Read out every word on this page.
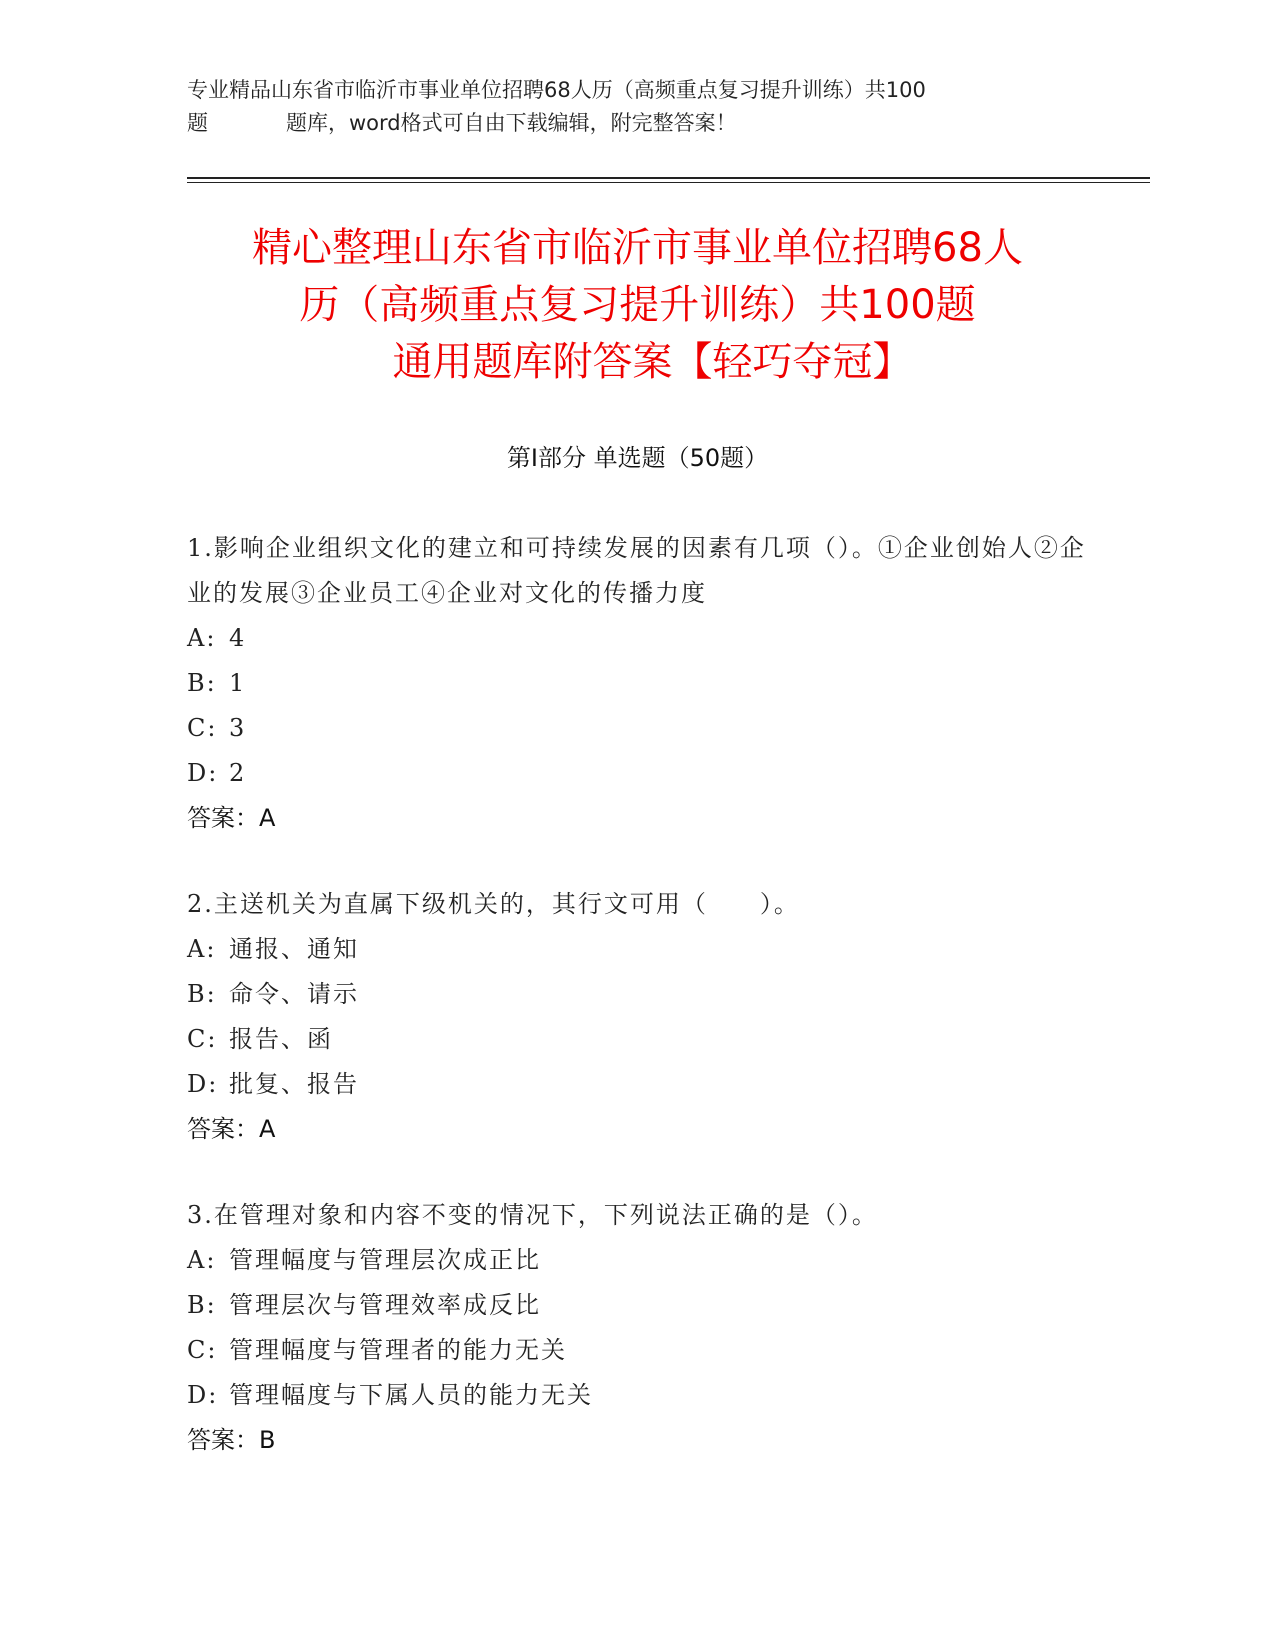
专业精品山东省市临沂市事业单位招聘68人历（高频重点复习提升训练）共100
题	题库，word格式可自由下载编辑，附完整答案！
精心整理山东省市临沂市事业单位招聘68人
历（高频重点复习提升训练）共100题
通用题库附答案【轻巧夺冠】
第I部分 单选题（50题）
1.影响企业组织文化的建立和可持续发展的因素有几项（）。①企业创始人②企业的发展③企业员工④企业对文化的传播力度
A: 4
B: 1
C: 3
D: 2
答案：A
2.主送机关为直属下级机关的，其行文可用（　　）。
A: 通报、通知
B: 命令、请示
C: 报告、函
D: 批复、报告
答案：A
3.在管理对象和内容不变的情况下，下列说法正确的是（）。
A: 管理幅度与管理层次成正比
B: 管理层次与管理效率成反比
C: 管理幅度与管理者的能力无关
D: 管理幅度与下属人员的能力无关
答案：B
